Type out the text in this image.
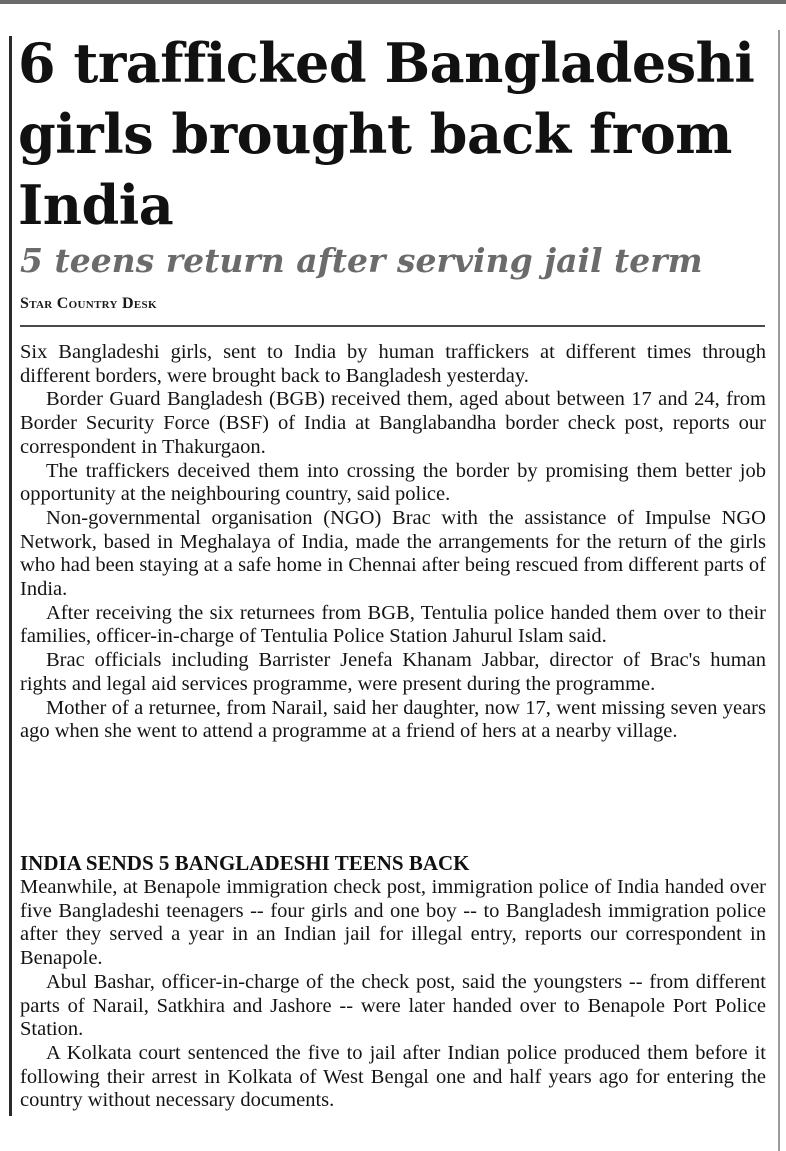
6 trafficked Bangladeshi girls brought back from India
5 teens return after serving jail term
Star Country Desk

Six Bangladeshi girls, sent to India by human traffickers at different times through different borders, were brought back to Bangladesh yesterday.

Border Guard Bangladesh (BGB) received them, aged about between 17 and 24, from Border Security Force (BSF) of India at Banglabandha border check post, reports our correspondent in Thakurgaon.

The traffickers deceived them into crossing the border by promising them better job opportunity at the neighbouring country, said police.

Non-governmental organisation (NGO) Brac with the assistance of Impulse NGO Network, based in Meghalaya of India, made the arrangements for the return of the girls who had been staying at a safe home in Chennai after being rescued from different parts of India.

After receiving the six returnees from BGB, Tentulia police handed them over to their families, officer-in-charge of Tentulia Police Station Jahurul Islam said.

Brac officials including Barrister Jenefa Khanam Jabbar, director of Brac's human rights and legal aid services programme, were present during the programme.

Mother of a returnee, from Narail, said her daughter, now 17, went missing seven years ago when she went to attend a programme at a friend of hers at a nearby village.

INDIA SENDS 5 BANGLADESHI TEENS BACK

Meanwhile, at Benapole immigration check post, immigration police of India handed over five Bangladeshi teenagers -- four girls and one boy -- to Bangladesh immigration police after they served a year in an Indian jail for illegal entry, reports our correspondent in Benapole.

Abul Bashar, officer-in-charge of the check post, said the youngsters -- from different parts of Narail, Satkhira and Jashore -- were later handed over to Benapole Port Police Station.

A Kolkata court sentenced the five to jail after Indian police produced them before it following their arrest in Kolkata of West Bengal one and half years ago for entering the country without necessary documents.
